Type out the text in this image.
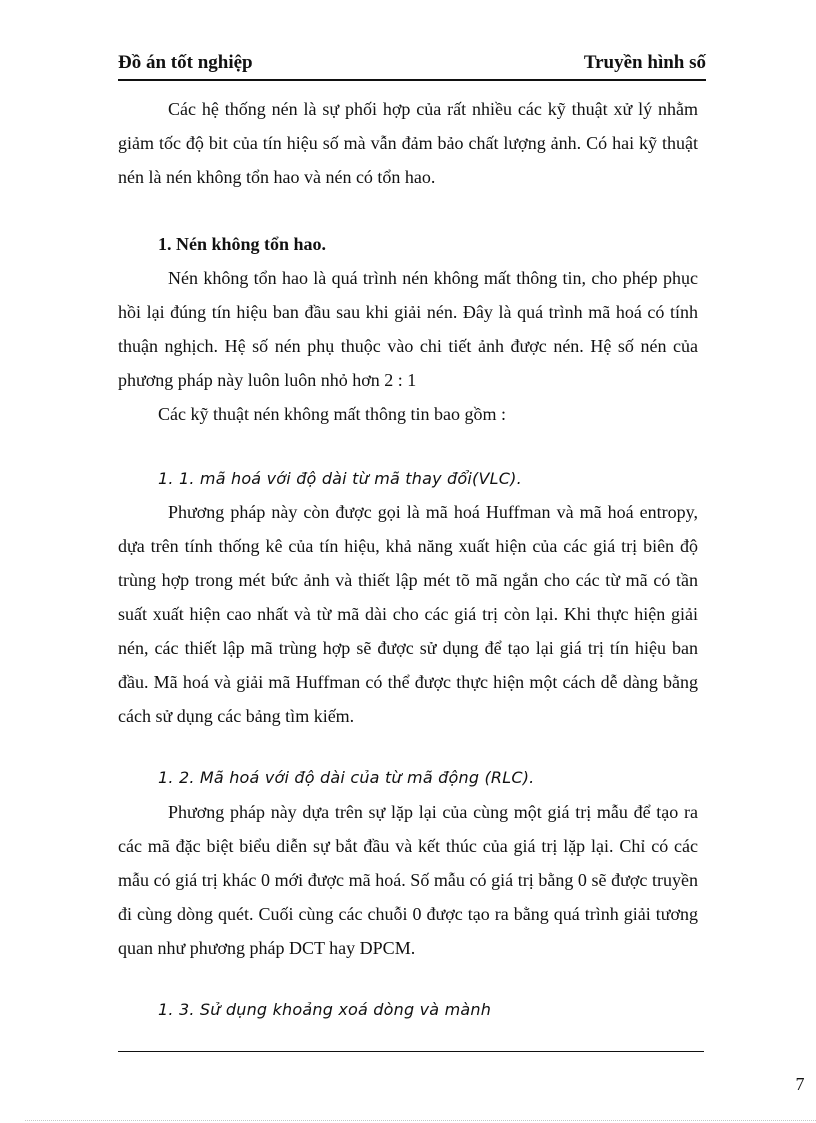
Đồ án tốt nghiệp	Truyền hình số

Các hệ thống nén là sự phối hợp của rất nhiều các kỹ thuật xử lý nhằm giảm tốc độ bit của tín hiệu số mà vẫn đảm bảo chất lượng ảnh. Có hai kỹ thuật nén là nén không tổn hao và nén có tổn hao.

1. Nén không tổn hao.

Nén không tổn hao là quá trình nén không mất thông tin, cho phép phục hồi lại đúng tín hiệu ban đầu sau khi giải nén. Đây là quá trình mã hoá có tính thuận nghịch. Hệ số nén phụ thuộc vào chi tiết ảnh được nén. Hệ số nén của phương pháp này luôn luôn nhỏ hơn 2 : 1

Các kỹ thuật nén không mất thông tin bao gồm :

1. 1. mã hoá với độ dài từ mã thay đổi(VLC).

Phương pháp này còn được gọi là mã hoá Huffman và mã hoá entropy, dựa trên tính thống kê của tín hiệu, khả năng xuất hiện của các giá trị biên độ trùng hợp trong mét bức ảnh và thiết lập mét tõ mã ngắn cho các từ mã có tần suất xuất hiện cao nhất và từ mã dài cho các giá trị còn lại. Khi thực hiện giải nén, các thiết lập mã trùng hợp sẽ được sử dụng để tạo lại giá trị tín hiệu ban đầu. Mã hoá và giải mã Huffman có thể được thực hiện một cách dễ dàng bằng cách sử dụng các bảng tìm kiếm.

1. 2. Mã hoá với độ dài của từ mã động (RLC).

Phương pháp này dựa trên sự lặp lại của cùng một giá trị mẫu để tạo ra các mã đặc biệt biểu diễn sự bắt đầu và kết thúc của giá trị lặp lại. Chỉ có các mẫu có giá trị khác 0 mới được mã hoá. Số mẫu có giá trị bằng 0 sẽ được truyền đi cùng dòng quét. Cuối cùng các chuỗi 0 được tạo ra bằng quá trình giải tương quan như phương pháp DCT hay DPCM.

1. 3. Sử dụng khoảng xoá dòng và mành
7
